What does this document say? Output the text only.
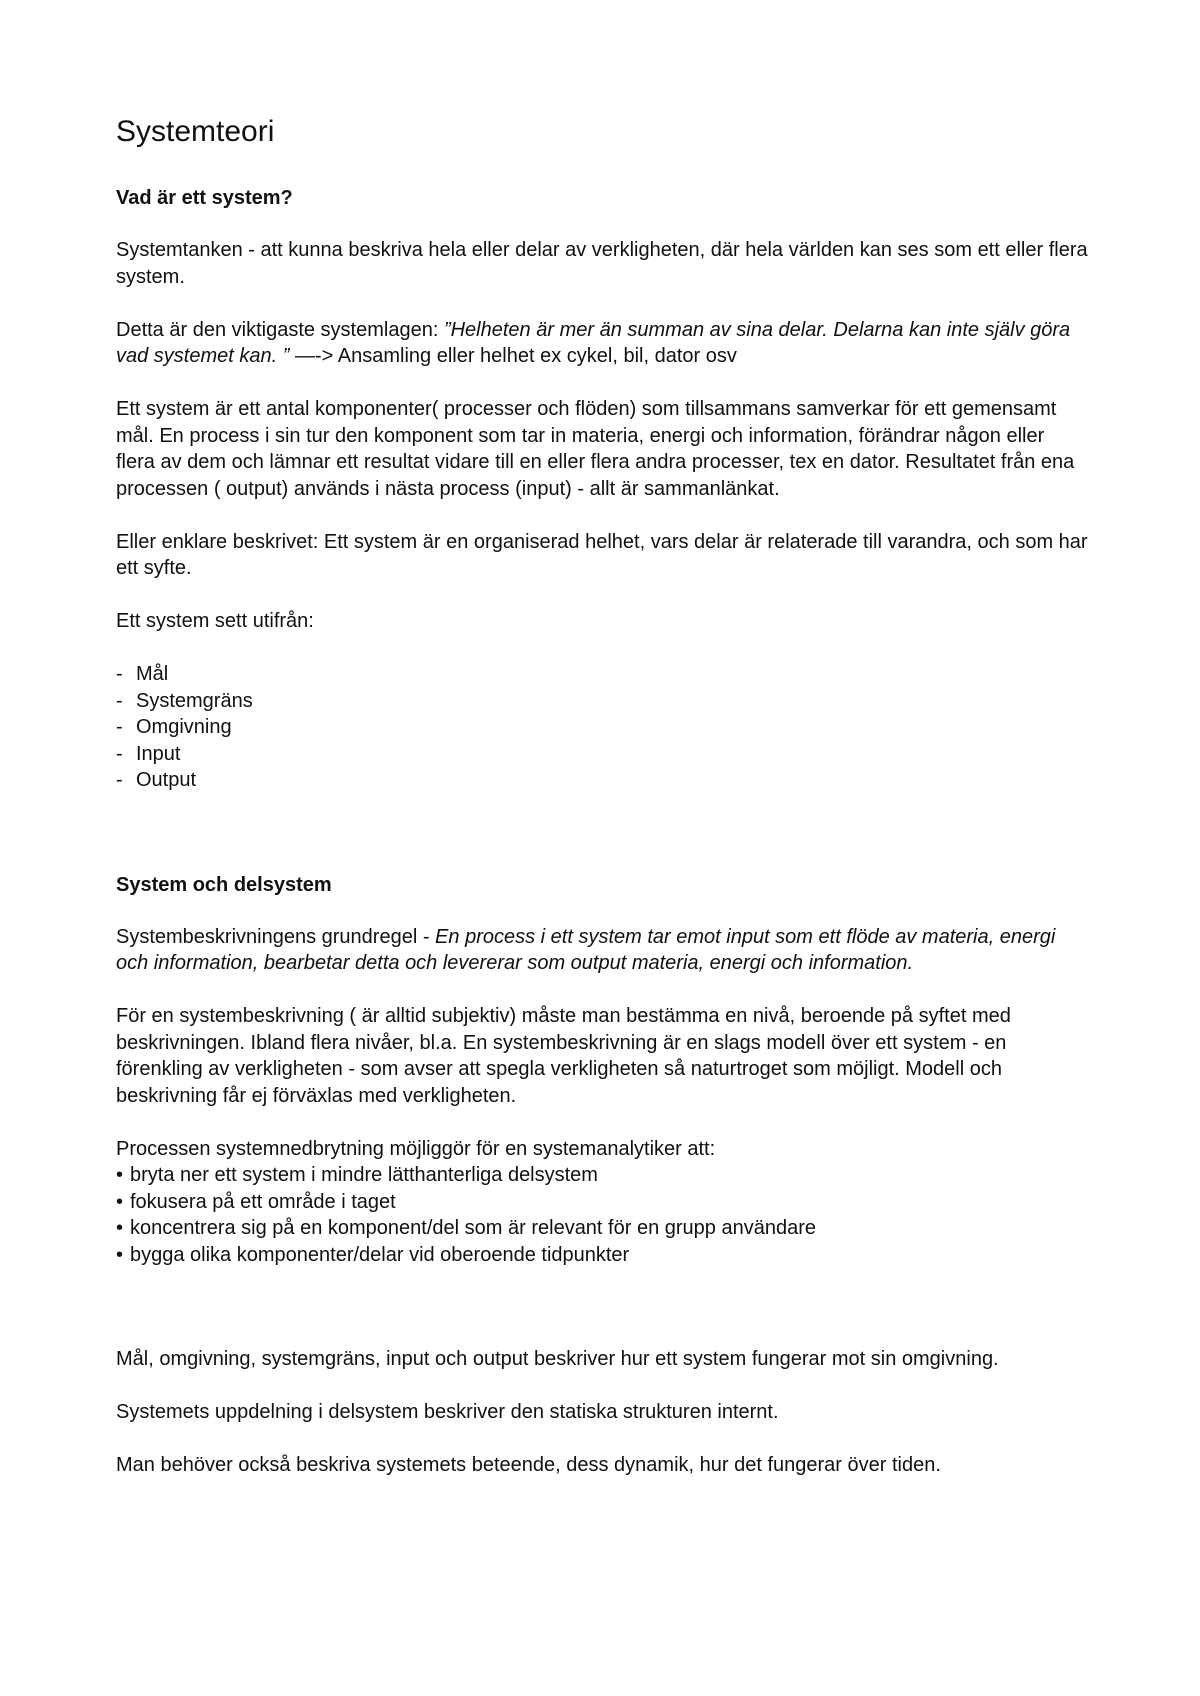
Systemteori
Vad är ett system?

Systemtanken - att kunna beskriva hela eller delar av verkligheten, där hela världen kan ses som ett eller flera system.

Detta är den viktigaste systemlagen: ”Helheten är mer än summan av sina delar. Delarna kan inte själv göra vad systemet kan. ” —-> Ansamling eller helhet ex cykel, bil, dator osv

Ett system är ett antal komponenter( processer och flöden) som tillsammans samverkar för ett gemensamt mål. En process i sin tur den komponent som tar in materia, energi och information, förändrar någon eller flera av dem och lämnar ett resultat vidare till en eller flera andra processer, tex en dator. Resultatet från ena processen ( output) används i nästa process (input) - allt är sammanlänkat.

Eller enklare beskrivet: Ett system är en organiserad helhet, vars delar är relaterade till varandra, och som har ett syfte.

Ett system sett utifrån:

- Mål
- Systemgräns
- Omgivning
- Input
- Output
System och delsystem

Systembeskrivningens grundregel - En process i ett system tar emot input som ett flöde av materia, energi och information, bearbetar detta och levererar som output materia, energi och information.

För en systembeskrivning ( är alltid subjektiv) måste man bestämma en nivå, beroende på syftet med beskrivningen. Ibland flera nivåer, bl.a. En systembeskrivning är en slags modell över ett system - en förenkling av verkligheten - som avser att spegla verkligheten så naturtroget som möjligt. Modell och beskrivning får ej förväxlas med verkligheten.

Processen systemnedbrytning möjliggör för en systemanalytiker att:

• bryta ner ett system i mindre lätthanterliga delsystem
• fokusera på ett område i taget
• koncentrera sig på en komponent/del som är relevant för en grupp användare
• bygga olika komponenter/delar vid oberoende tidpunkter

Mål, omgivning, systemgräns, input och output beskriver hur ett system fungerar mot sin omgivning.

Systemets uppdelning i delsystem beskriver den statiska strukturen internt.

Man behöver också beskriva systemets beteende, dess dynamik, hur det fungerar över tiden.
